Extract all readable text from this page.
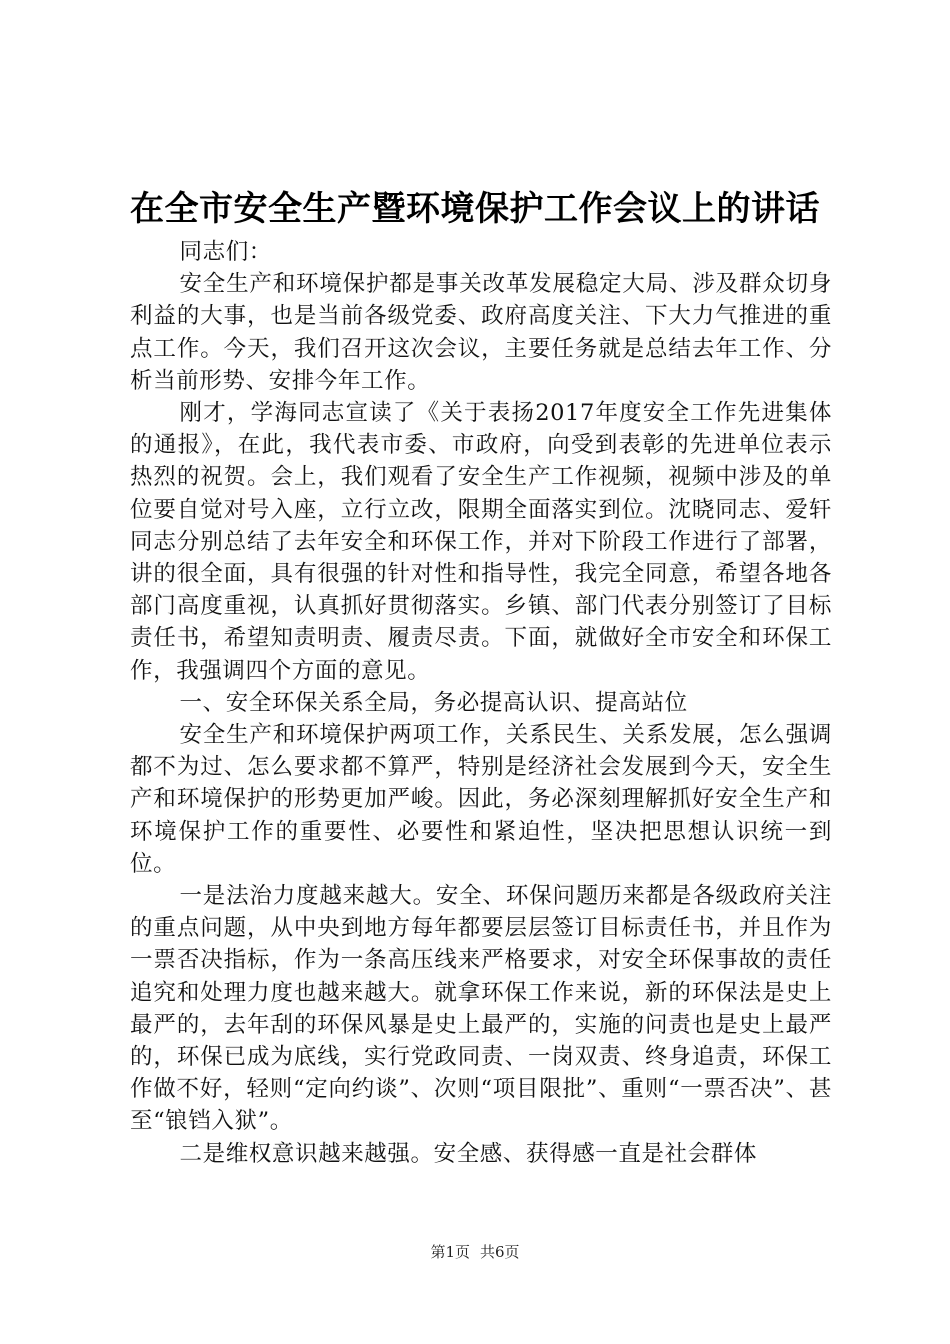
在全市安全生产暨环境保护工作会议上的讲话

同志们：

安全生产和环境保护都是事关改革发展稳定大局、涉及群众切身利益的大事，也是当前各级党委、政府高度关注、下大力气推进的重点工作。今天，我们召开这次会议，主要任务就是总结去年工作、分析当前形势、安排今年工作。

刚才，学海同志宣读了《关于表扬2017年度安全工作先进集体的通报》，在此，我代表市委、市政府，向受到表彰的先进单位表示热烈的祝贺。会上，我们观看了安全生产工作视频，视频中涉及的单位要自觉对号入座，立行立改，限期全面落实到位。沈晓同志、爱轩同志分别总结了去年安全和环保工作，并对下阶段工作进行了部署，讲的很全面，具有很强的针对性和指导性，我完全同意，希望各地各部门高度重视，认真抓好贯彻落实。乡镇、部门代表分别签订了目标责任书，希望知责明责、履责尽责。下面，就做好全市安全和环保工作，我强调四个方面的意见。

一、安全环保关系全局，务必提高认识、提高站位

安全生产和环境保护两项工作，关系民生、关系发展，怎么强调都不为过、怎么要求都不算严，特别是经济社会发展到今天，安全生产和环境保护的形势更加严峻。因此，务必深刻理解抓好安全生产和环境保护工作的重要性、必要性和紧迫性，坚决把思想认识统一到位。

一是法治力度越来越大。安全、环保问题历来都是各级政府关注的重点问题，从中央到地方每年都要层层签订目标责任书，并且作为一票否决指标，作为一条高压线来严格要求，对安全环保事故的责任追究和处理力度也越来越大。就拿环保工作来说，新的环保法是史上最严的，去年刮的环保风暴是史上最严的，实施的问责也是史上最严的，环保已成为底线，实行党政同责、一岗双责、终身追责，环保工作做不好，轻则“定向约谈”、次则“项目限批”、重则“一票否决”、甚至“锒铛入狱”。

二是维权意识越来越强。安全感、获得感一直是社会群体

第1页 共6页
